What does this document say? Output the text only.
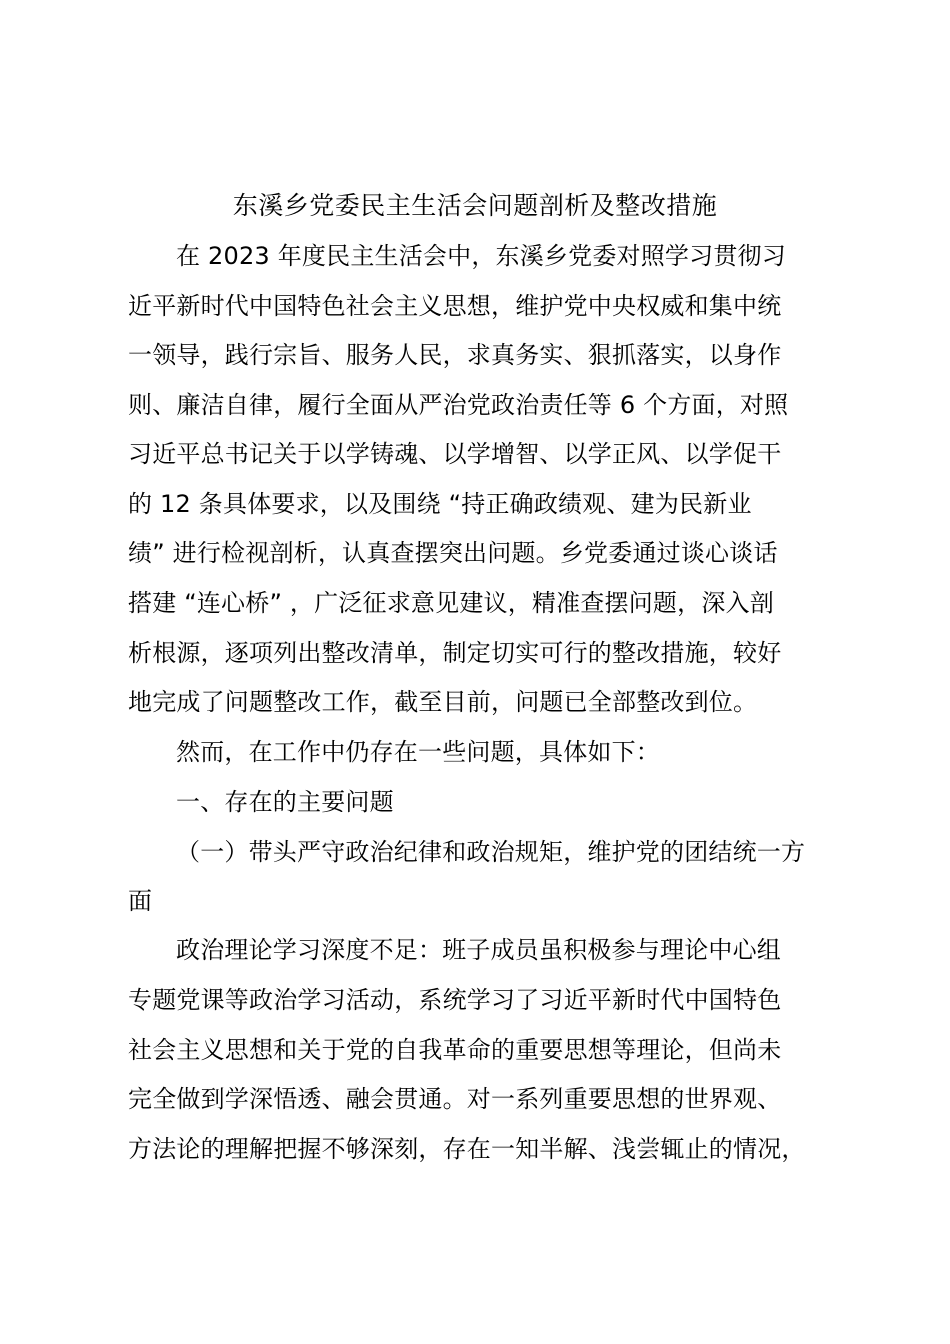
东溪乡党委民主生活会问题剖析及整改措施
在 2023 年度民主生活会中，东溪乡党委对照学习贯彻习
近平新时代中国特色社会主义思想，维护党中央权威和集中统
一领导，践行宗旨、服务人民，求真务实、狠抓落实，以身作
则、廉洁自律，履行全面从严治党政治责任等 6 个方面，对照
习近平总书记关于以学铸魂、以学增智、以学正风、以学促干
的 12 条具体要求，以及围绕 “持正确政绩观、建为民新业
绩” 进行检视剖析，认真查摆突出问题。乡党委通过谈心谈话
搭建 “连心桥” ，广泛征求意见建议，精准查摆问题，深入剖
析根源，逐项列出整改清单，制定切实可行的整改措施，较好
地完成了问题整改工作，截至目前，问题已全部整改到位。
然而，在工作中仍存在一些问题，具体如下：
一、存在的主要问题
（一）带头严守政治纪律和政治规矩，维护党的团结统一方
面
政治理论学习深度不足：班子成员虽积极参与理论中心组
专题党课等政治学习活动，系统学习了习近平新时代中国特色
社会主义思想和关于党的自我革命的重要思想等理论，但尚未
完全做到学深悟透、融会贯通。对一系列重要思想的世界观、
方法论的理解把握不够深刻，存在一知半解、浅尝辄止的情况，
